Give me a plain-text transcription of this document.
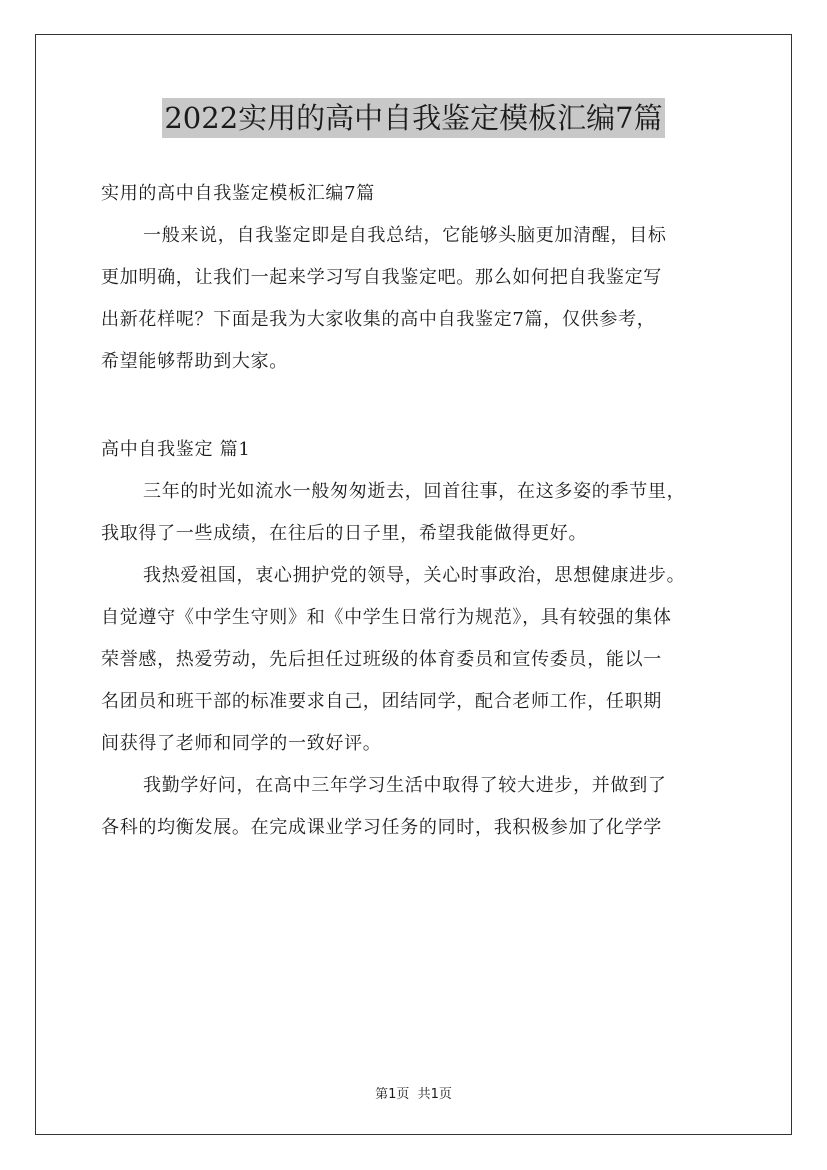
2022实用的高中自我鉴定模板汇编7篇
实用的高中自我鉴定模板汇编7篇
一般来说，自我鉴定即是自我总结，它能够头脑更加清醒，目标
更加明确，让我们一起来学习写自我鉴定吧。那么如何把自我鉴定写
出新花样呢？下面是我为大家收集的高中自我鉴定7篇，仅供参考，
希望能够帮助到大家。
高中自我鉴定 篇1
三年的时光如流水一般匆匆逝去，回首往事，在这多姿的季节里，
我取得了一些成绩，在往后的日子里，希望我能做得更好。
我热爱祖国，衷心拥护党的领导，关心时事政治，思想健康进步。
自觉遵守《中学生守则》和《中学生日常行为规范》，具有较强的集体
荣誉感，热爱劳动，先后担任过班级的体育委员和宣传委员，能以一
名团员和班干部的标准要求自己，团结同学，配合老师工作，任职期
间获得了老师和同学的一致好评。
我勤学好问，在高中三年学习生活中取得了较大进步，并做到了
各科的均衡发展。在完成课业学习任务的同时，我积极参加了化学学
第1页 共1页
